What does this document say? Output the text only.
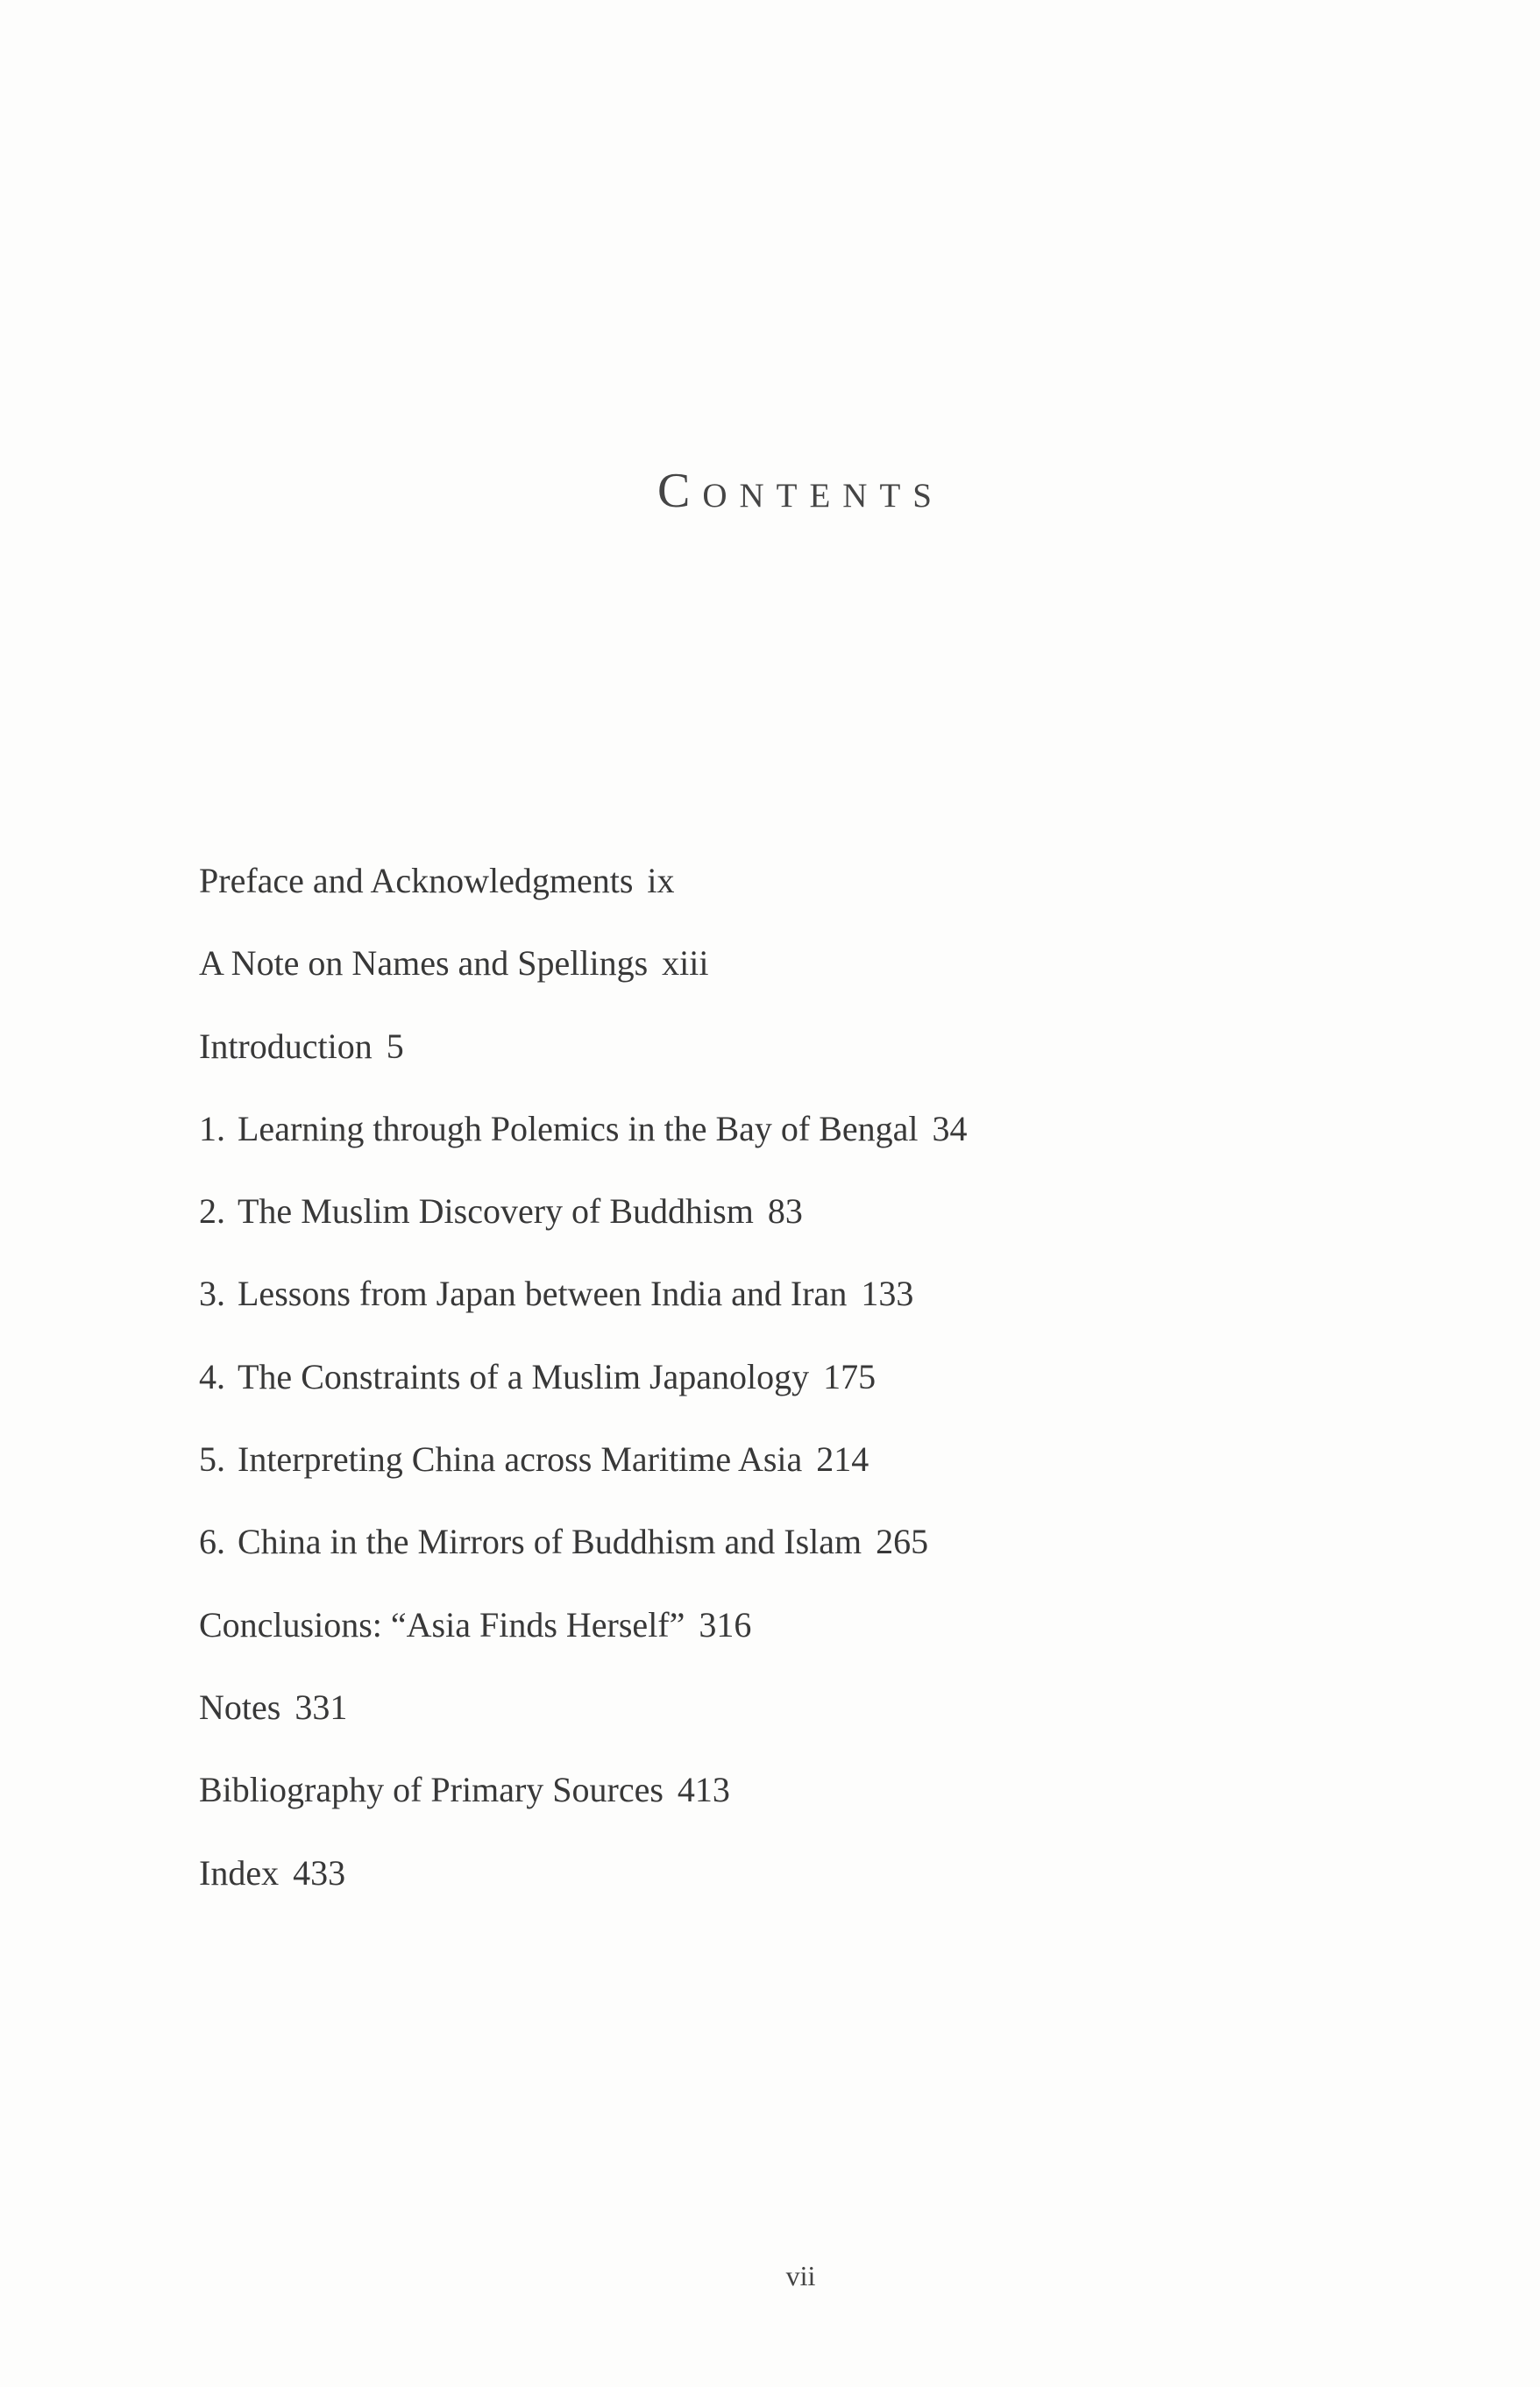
Contents
Preface and Acknowledgments ix
A Note on Names and Spellings xiii
Introduction 5
1. Learning through Polemics in the Bay of Bengal 34
2. The Muslim Discovery of Buddhism 83
3. Lessons from Japan between India and Iran 133
4. The Constraints of a Muslim Japanology 175
5. Interpreting China across Maritime Asia 214
6. China in the Mirrors of Buddhism and Islam 265
Conclusions: “Asia Finds Herself” 316
Notes 331
Bibliography of Primary Sources 413
Index 433
vii
